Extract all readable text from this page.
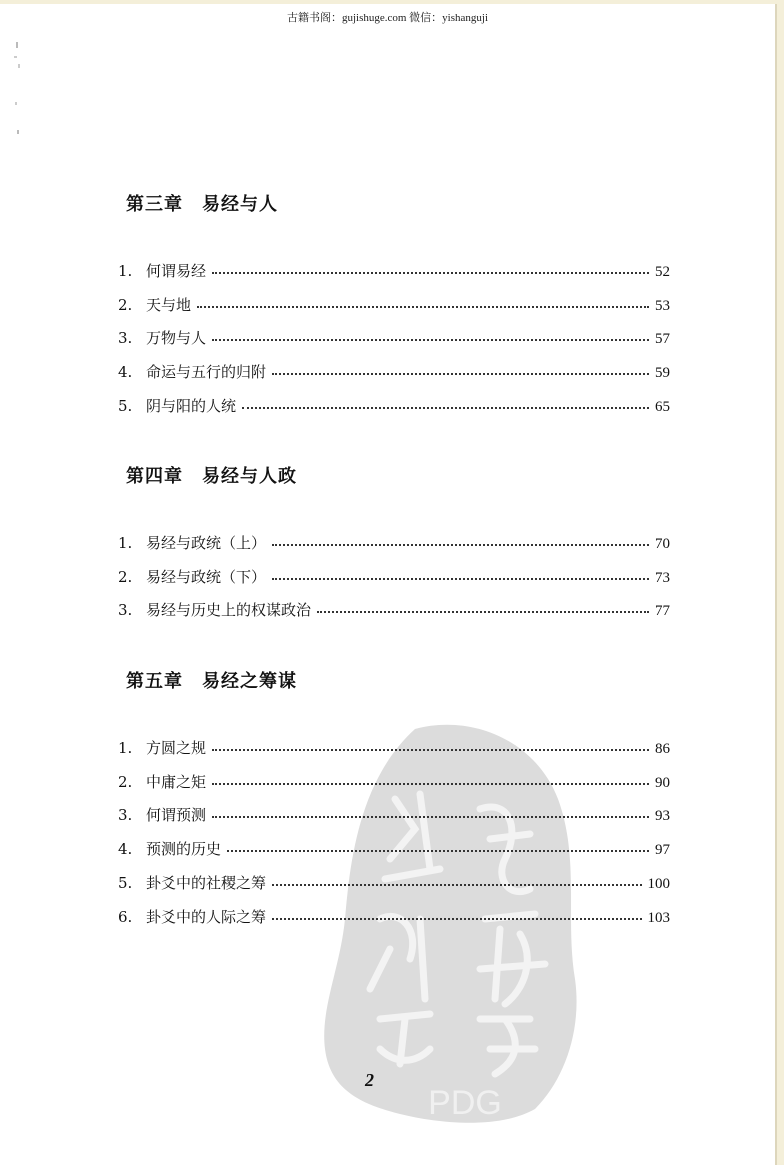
古籍书阁：gujishuge.com 微信：yishanguji
PDG
第三章　易经与人
1. 何谓易经	52
2. 天与地	53
3. 万物与人	57
4. 命运与五行的归附	59
5. 阴与阳的人统	65
第四章　易经与人政
1. 易经与政统（上）	70
2. 易经与政统（下）	73
3. 易经与历史上的权谋政治	77
第五章　易经之筹谋
1. 方圆之规	86
2. 中庸之矩	90
3. 何谓预测	93
4. 预测的历史	97
5. 卦爻中的社稷之筹	100
6. 卦爻中的人际之筹	103
2
